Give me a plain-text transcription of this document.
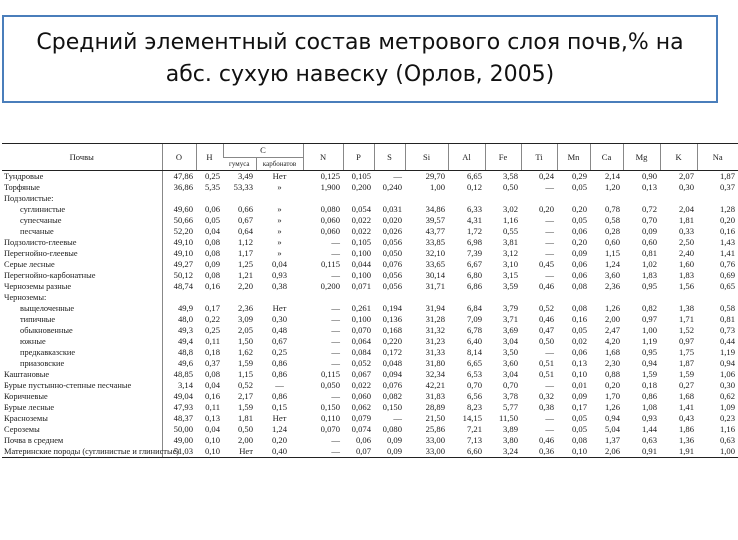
Средний элементный состав метрового слоя почв,% на
абс. сухую навеску (Орлов, 2005)
Почвы	O	H	C		N	P	S	Si	Al	Fe	Ti	Mn	Ca	Mg	K	Na
			гумуса	карбонатов												
Тундровые	47,86	0,25	3,49	Нет	0,125	0,105	—	29,70	6,65	3,58	0,24	0,29	2,14	0,90	2,07	1,87
Торфяные	36,86	5,35	53,33	»	1,900	0,200	0,240	1,00	0,12	0,50	—	0,05	1,20	0,13	0,30	0,37
Подзолистые:																
суглинистые	49,60	0,06	0,66	»	0,080	0,054	0,031	34,86	6,33	3,02	0,20	0,20	0,78	0,72	2,04	1,28
супесчаные	50,66	0,05	0,67	»	0,060	0,022	0,020	39,57	4,31	1,16	—	0,05	0,58	0,70	1,81	0,20
песчаные	52,20	0,04	0,64	»	0,060	0,022	0,026	43,77	1,72	0,55	—	0,06	0,28	0,09	0,33	0,16
Подзолисто-глеевые	49,10	0,08	1,12	»	—	0,105	0,056	33,85	6,98	3,81	—	0,20	0,60	0,60	2,50	1,43
Перегнойно-глеевые	49,10	0,08	1,17	»	—	0,100	0,050	32,10	7,39	3,12	—	0,09	1,15	0,81	2,40	1,41
Серые лесные	49,27	0,09	1,25	0,04	0,115	0,044	0,076	33,65	6,67	3,10	0,45	0,06	1,24	1,02	1,60	0,76
Перегнойно-карбонатные	50,12	0,08	1,21	0,93	—	0,100	0,056	30,14	6,80	3,15	—	0,06	3,60	1,83	1,83	0,69
Черноземы разные	48,74	0,16	2,20	0,38	0,200	0,071	0,056	31,71	6,86	3,59	0,46	0,08	2,36	0,95	1,56	0,65
Черноземы:																
выщелоченные	49,9	0,17	2,36	Нет	—	0,261	0,194	31,94	6,84	3,79	0,52	0,08	1,26	0,82	1,38	0,58
типичные	48,0	0,22	3,09	0,30	—	0,100	0,136	31,28	7,09	3,71	0,46	0,16	2,00	0,97	1,71	0,81
обыкновенные	49,3	0,25	2,05	0,48	—	0,070	0,168	31,32	6,78	3,69	0,47	0,05	2,47	1,00	1,52	0,73
южные	49,4	0,11	1,50	0,67	—	0,064	0,220	31,23	6,40	3,04	0,50	0,02	4,20	1,19	0,97	0,44
предкавказские	48,8	0,18	1,62	0,25	—	0,084	0,172	31,33	8,14	3,50	—	0,06	1,68	0,95	1,75	1,19
приазовские	49,6	0,37	1,59	0,86	—	0,052	0,048	31,80	6,65	3,60	0,51	0,13	2,30	0,94	1,87	0,94
Каштановые	48,85	0,08	1,15	0,86	0,115	0,067	0,094	32,34	6,53	3,04	0,51	0,10	0,88	1,59	1,59	1,06
Бурые пустынно-степные песчаные	3,14	0,04	0,52	—	0,050	0,022	0,076	42,21	0,70	0,70	—	0,01	0,20	0,18	0,27	0,30
Коричневые	49,04	0,16	2,17	0,86	—	0,060	0,082	31,83	6,56	3,78	0,32	0,09	1,70	0,86	1,68	0,62
Бурые лесные	47,93	0,11	1,59	0,15	0,150	0,062	0,150	28,89	8,23	5,77	0,38	0,17	1,26	1,08	1,41	1,09
Красноземы	48,37	0,13	1,81	Нет	0,110	0,079	—	21,50	14,15	11,50	—	0,05	0,94	0,93	0,43	0,23
Сероземы	50,00	0,04	0,50	1,24	0,070	0,074	0,080	25,86	7,21	3,89	—	0,05	5,04	1,44	1,86	1,16
Почва в среднем	49,00	0,10	2,00	0,20	—	0,06	0,09	33,00	7,13	3,80	0,46	0,08	1,37	0,63	1,36	0,63
Материнские породы (суглинистые и глинистые)	51,03	0,10	Нет	0,40	—	0,07	0,09	33,00	6,60	3,24	0,36	0,10	2,06	0,91	1,91	1,00
